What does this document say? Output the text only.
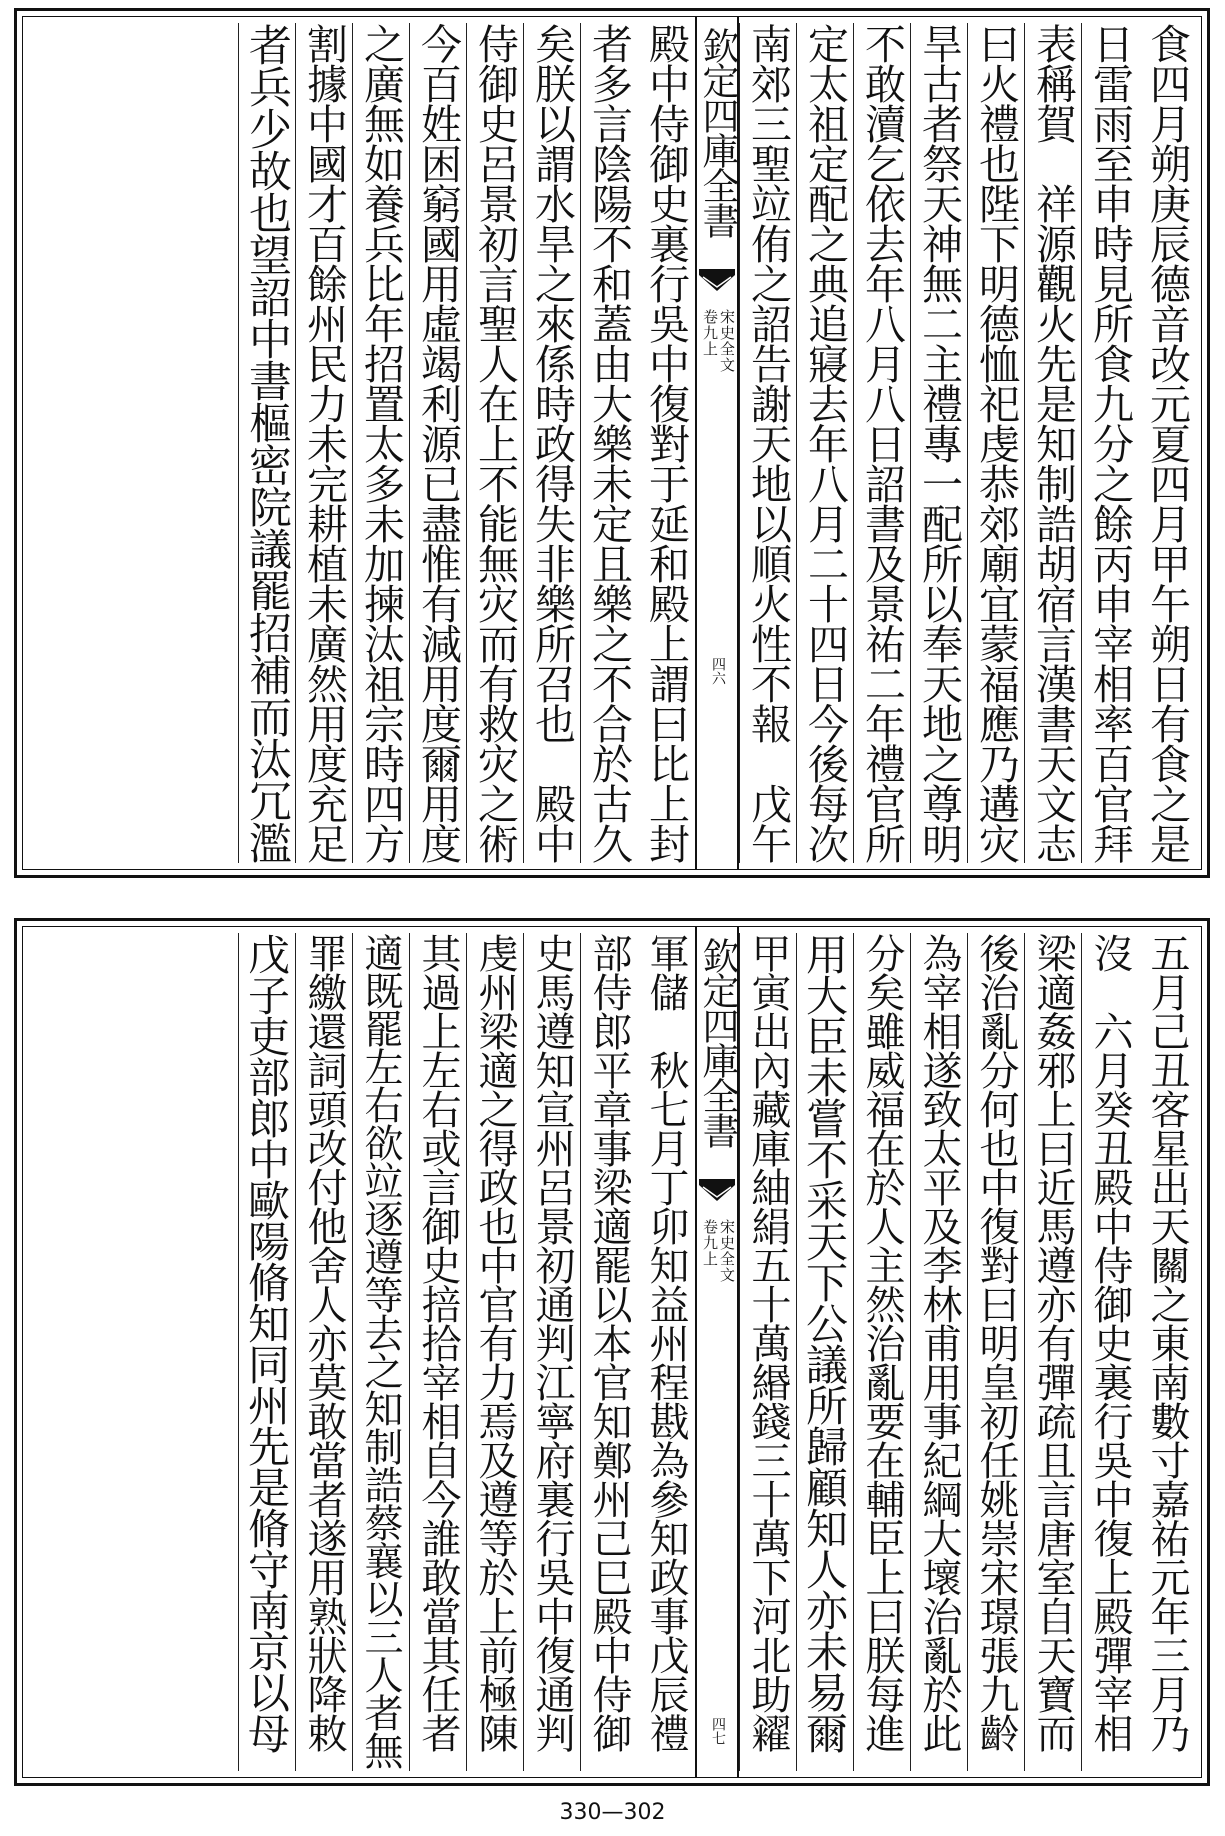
食四月朔庚辰德音改元夏四月甲午朔日有食之是
日雷雨至申時見所食九分之餘丙申宰相率百官拜
表稱賀　祥源觀火先是知制誥胡宿言漢書天文志
曰火禮也陛下明德恤祀虔恭郊廟宜蒙福應乃遘灾
旱古者祭天神無二主禮專一配所以奉天地之尊明
不敢瀆乞依去年八月八日詔書及景祐二年禮官所
定太祖定配之典追寢去年八月二十四日今後每次
南郊三聖竝侑之詔告謝天地以順火性不報　戊午
欽定四庫全書
宋史全文
卷九上
四六
殿中侍御史裏行吳中復對于延和殿上謂曰比上封
者多言陰陽不和蓋由大樂未定且樂之不合於古久
矣朕以謂水旱之來係時政得失非樂所召也　殿中
侍御史呂景初言聖人在上不能無灾而有救灾之術
今百姓困窮國用虛竭利源已盡惟有減用度爾用度
之廣無如養兵比年招置太多未加揀汰祖宗時四方
割據中國才百餘州民力未完耕植未廣然用度充足
者兵少故也望詔中書樞密院議罷招補而汰冗濫
五月己丑客星出天關之東南數寸嘉祐元年三月乃
沒　六月癸丑殿中侍御史裏行吳中復上殿彈宰相
梁適姦邪上曰近馬遵亦有彈疏且言唐室自天寶而
後治亂分何也中復對曰明皇初任姚崇宋璟張九齡
為宰相遂致太平及李林甫用事紀綱大壞治亂於此
分矣雖威福在於人主然治亂要在輔臣上曰朕每進
用大臣未嘗不采天下公議所歸顧知人亦未易爾
甲寅出內藏庫紬絹五十萬緡錢三十萬下河北助糴
欽定四庫全書
宋史全文
卷九上
四七
軍儲　秋七月丁卯知益州程戡為參知政事戊辰禮
部侍郎平章事梁適罷以本官知鄭州己巳殿中侍御
史馬遵知宣州呂景初通判江寧府裏行吳中復通判
虔州梁適之得政也中官有力焉及遵等於上前極陳
其過上左右或言御史掊拾宰相自今誰敢當其任者
適既罷左右欲竝逐遵等去之知制誥蔡襄以三人者無
罪繳還詞頭改付他舍人亦莫敢當者遂用熟狀降敕
戊子吏部郎中歐陽脩知同州先是脩守南京以母
330—302
